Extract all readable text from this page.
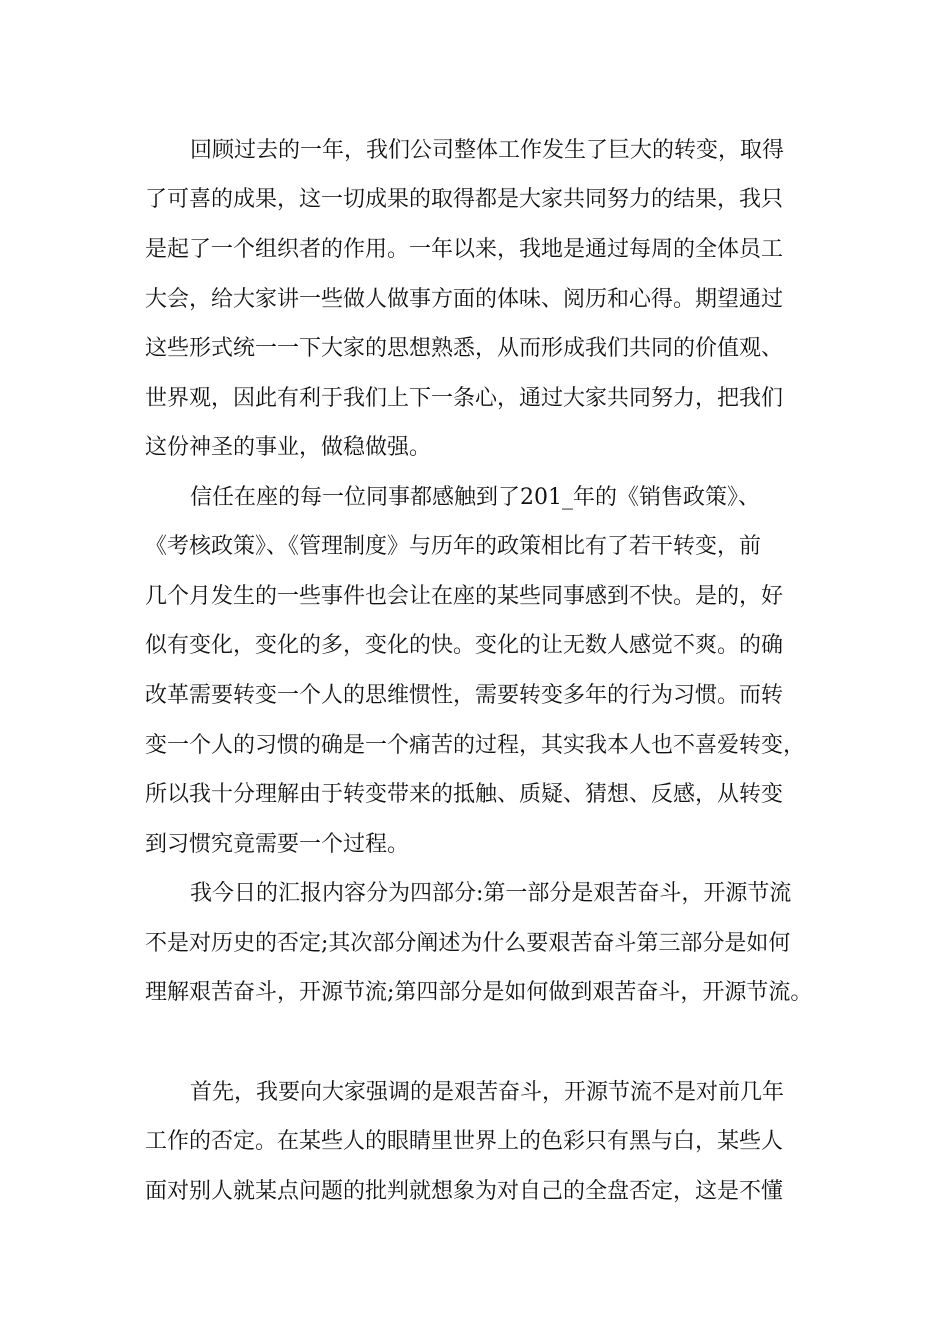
回顾过去的一年，我们公司整体工作发生了巨大的转变，取得
了可喜的成果，这一切成果的取得都是大家共同努力的结果，我只
是起了一个组织者的作用。一年以来，我地是通过每周的全体员工
大会，给大家讲一些做人做事方面的体味、阅历和心得。期望通过
这些形式统一一下大家的思想熟悉，从而形成我们共同的价值观、
世界观，因此有利于我们上下一条心，通过大家共同努力，把我们
这份神圣的事业，做稳做强。
信任在座的每一位同事都感触到了201_年的《销售政策》、
《考核政策》、《管理制度》与历年的政策相比有了若干转变，前
几个月发生的一些事件也会让在座的某些同事感到不快。是的，好
似有变化，变化的多，变化的快。变化的让无数人感觉不爽。的确
改革需要转变一个人的思维惯性，需要转变多年的行为习惯。而转
变一个人的习惯的确是一个痛苦的过程，其实我本人也不喜爱转变，
所以我十分理解由于转变带来的抵触、质疑、猜想、反感，从转变
到习惯究竟需要一个过程。
我今日的汇报内容分为四部分:第一部分是艰苦奋斗，开源节流
不是对历史的否定;其次部分阐述为什么要艰苦奋斗第三部分是如何
理解艰苦奋斗，开源节流;第四部分是如何做到艰苦奋斗，开源节流。
首先，我要向大家强调的是艰苦奋斗，开源节流不是对前几年
工作的否定。在某些人的眼睛里世界上的色彩只有黑与白，某些人
面对别人就某点问题的批判就想象为对自己的全盘否定，这是不懂
